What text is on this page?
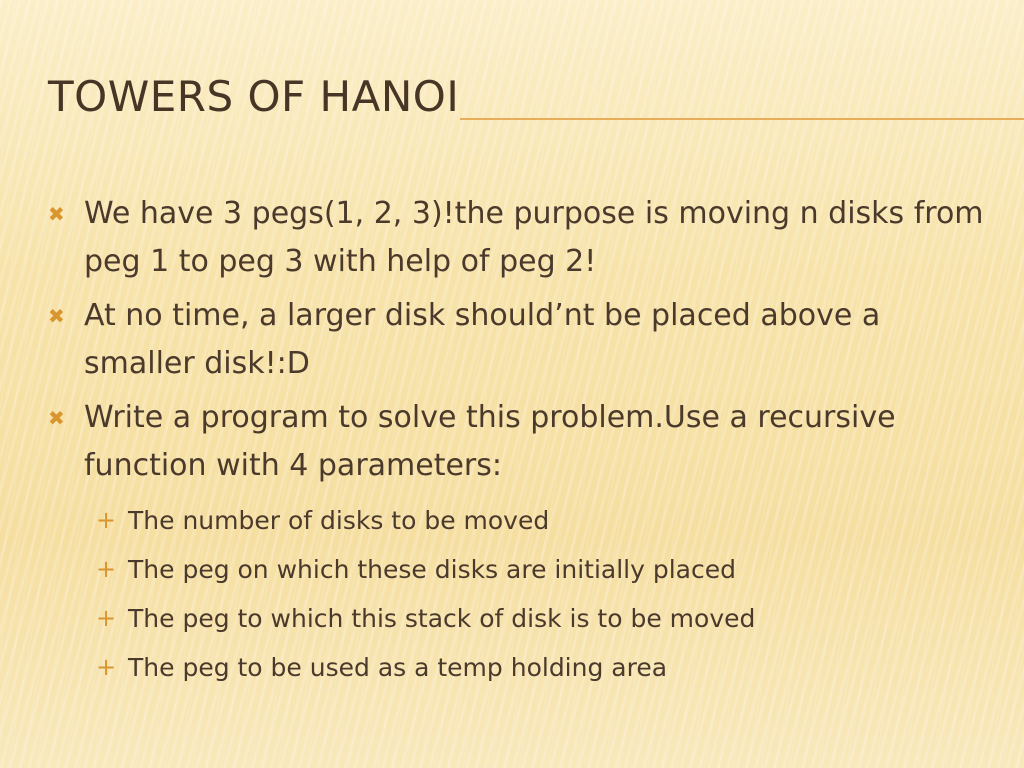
TOWERS OF HANOI
✖ We have 3 pegs(1, 2, 3)!the purpose is moving n disks from peg 1 to peg 3 with help of peg 2!
✖ At no time, a larger disk should’nt be placed above a smaller disk!:D
✖ Write a program to solve this problem.Use a recursive function with 4 parameters:
+ The number of disks to be moved
+ The peg on which these disks are initially placed
+ The peg to which this stack of disk is to be moved
+ The peg to be used as a temp holding area
